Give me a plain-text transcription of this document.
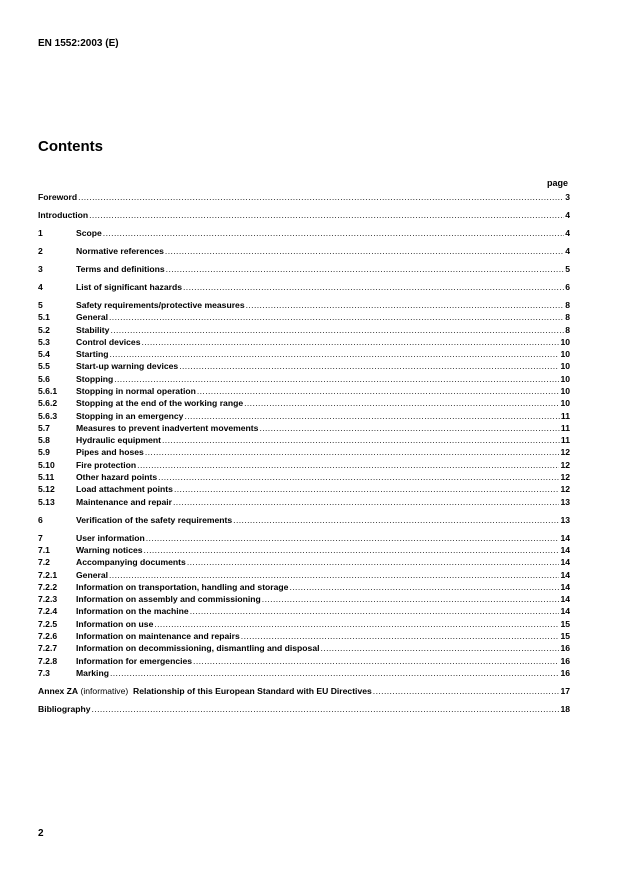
EN 1552:2003 (E)
Contents
page
Foreword .....	3
Introduction .....	4
1	Scope .....	4
2	Normative references .....	4
3	Terms and definitions .....	5
4	List of significant hazards .....	6
5	Safety requirements/protective measures .....	8
5.1	General .....	8
5.2	Stability .....	8
5.3	Control devices .....	10
5.4	Starting .....	10
5.5	Start-up warning devices .....	10
5.6	Stopping .....	10
5.6.1	Stopping in normal operation .....	10
5.6.2	Stopping at the end of the working range .....	10
5.6.3	Stopping in an emergency .....	11
5.7	Measures to prevent inadvertent movements .....	11
5.8	Hydraulic equipment .....	11
5.9	Pipes and hoses .....	12
5.10	Fire protection .....	12
5.11	Other hazard points .....	12
5.12	Load attachment points .....	12
5.13	Maintenance and repair .....	13
6	Verification of the safety requirements .....	13
7	User information .....	14
7.1	Warning notices .....	14
7.2	Accompanying documents .....	14
7.2.1	General .....	14
7.2.2	Information on transportation, handling and storage .....	14
7.2.3	Information on assembly and commissioning .....	14
7.2.4	Information on the machine .....	14
7.2.5	Information on use .....	15
7.2.6	Information on maintenance and repairs .....	15
7.2.7	Information on decommissioning, dismantling and disposal .....	16
7.2.8	Information for emergencies .....	16
7.3	Marking .....	16
Annex ZA (informative)  Relationship of this European Standard with EU Directives .....	17
Bibliography .....	18
2
